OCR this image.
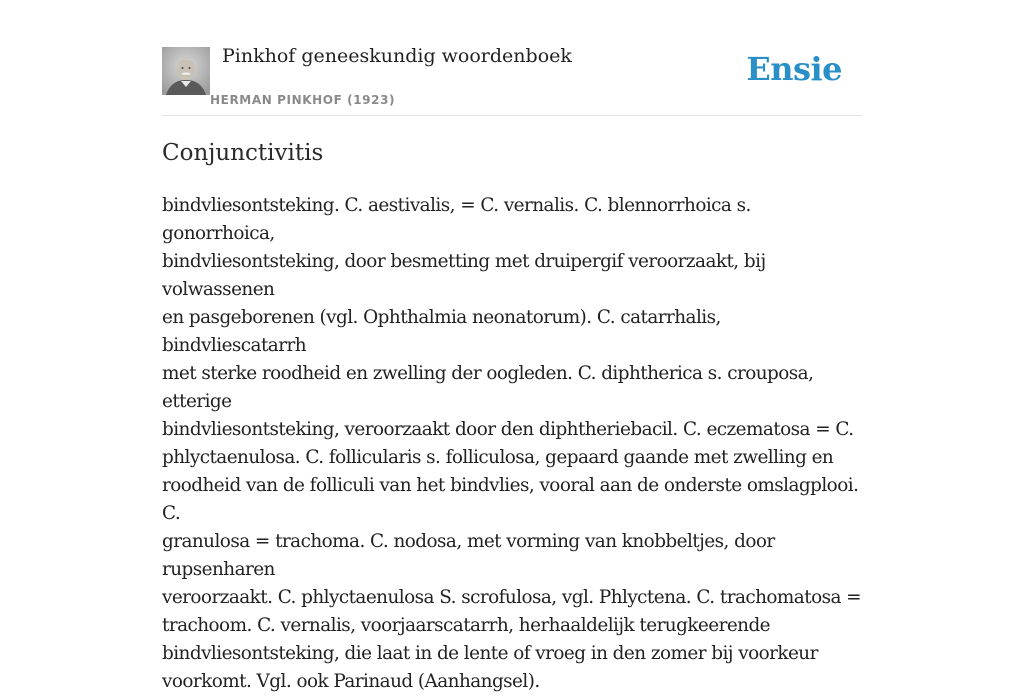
Pinkhof geneeskundig woordenboek
HERMAN PINKHOF (1923)
Ensie
Conjunctivitis
bindvliesontsteking. C. aestivalis, = C. vernalis. C. blennorrhoica s. gonorrhoica,
bindvliesontsteking, door besmetting met druipergif veroorzaakt, bij volwassenen
en pasgeborenen (vgl. Ophthalmia neonatorum). C. catarrhalis, bindvliescatarrh
met sterke roodheid en zwelling der oogleden. C. diphtherica s. crouposa, etterige
bindvliesontsteking, veroorzaakt door den diphtheriebacil. C. eczematosa = C.
phlyctaenulosa. C. follicularis s. folliculosa, gepaard gaande met zwelling en
roodheid van de folliculi van het bindvlies, vooral aan de onderste omslagplooi. C.
granulosa = trachoma. C. nodosa, met vorming van knobbeltjes, door rupsenharen
veroorzaakt. C. phlyctaenulosa S. scrofulosa, vgl. Phlyctena. C. trachomatosa =
trachoom. C. vernalis, voorjaarscatarrh, herhaaldelijk terugkeerende
bindvliesontsteking, die laat in de lente of vroeg in den zomer bij voorkeur
voorkomt. Vgl. ook Parinaud (Aanhangsel).
